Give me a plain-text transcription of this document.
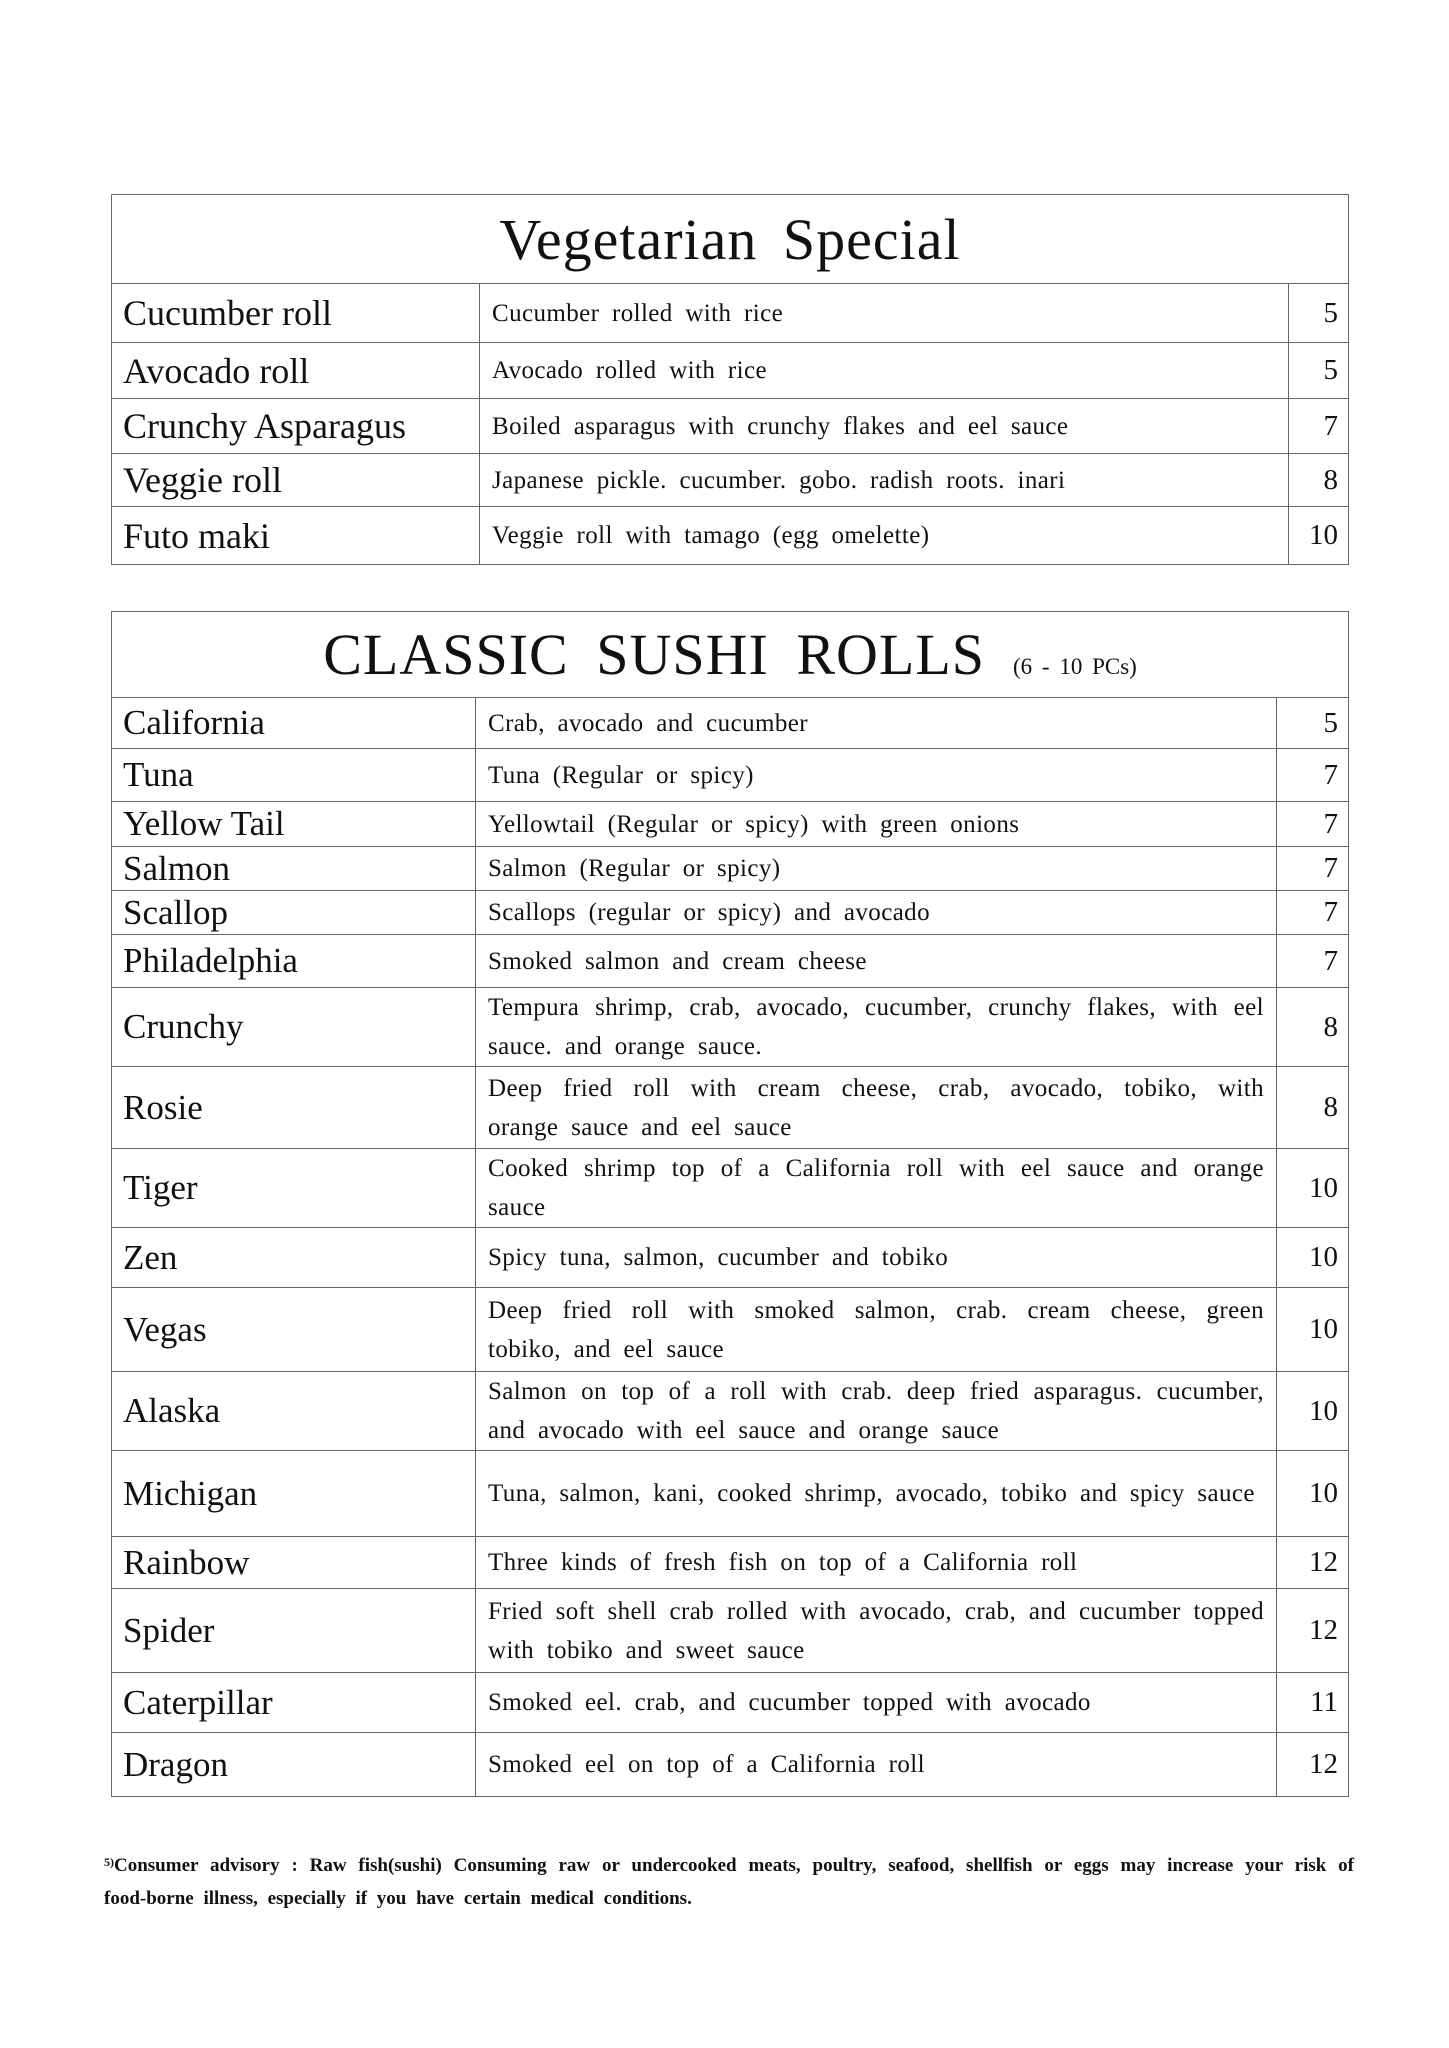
Vegetarian Special		
Cucumber roll	Cucumber rolled with rice	5
Avocado roll	Avocado rolled with rice	5
Crunchy Asparagus	Boiled asparagus with crunchy flakes and eel sauce	7
Veggie roll	Japanese pickle. cucumber. gobo. radish roots. inari	8
Futo maki	Veggie roll with tamago (egg omelette)	10
CLASSIC SUSHI ROLLS (6 - 10 PCs)		
California	Crab, avocado and cucumber	5
Tuna	Tuna (Regular or spicy)	7
Yellow Tail	Yellowtail (Regular or spicy) with green onions	7
Salmon	Salmon (Regular or spicy)	7
Scallop	Scallops (regular or spicy) and avocado	7
Philadelphia	Smoked salmon and cream cheese	7
Crunchy	Tempura shrimp, crab, avocado, cucumber, crunchy flakes, with eel sauce. and orange sauce.	8
Rosie	Deep fried roll with cream cheese, crab, avocado, tobiko, with orange sauce and eel sauce	8
Tiger	Cooked shrimp top of a California roll with eel sauce and orange sauce	10
Zen	Spicy tuna, salmon, cucumber and tobiko	10
Vegas	Deep fried roll with smoked salmon, crab. cream cheese, green tobiko, and eel sauce	10
Alaska	Salmon on top of a roll with crab. deep fried asparagus. cucumber, and avocado with eel sauce and orange sauce	10
Michigan	Tuna, salmon, kani, cooked shrimp, avocado, tobiko and spicy sauce	10
Rainbow	Three kinds of fresh fish on top of a California roll	12
Spider	Fried soft shell crab rolled with avocado, crab, and cucumber topped with tobiko and sweet sauce	12
Caterpillar	Smoked eel. crab, and cucumber topped with avocado	11
Dragon	Smoked eel on top of a California roll	12
$^{5)}$Consumer advisory : Raw fish(sushi) Consuming raw or undercooked meats, poultry, seafood, shellfish or eggs may increase your risk of food-borne illness, especially if you have certain medical conditions.
